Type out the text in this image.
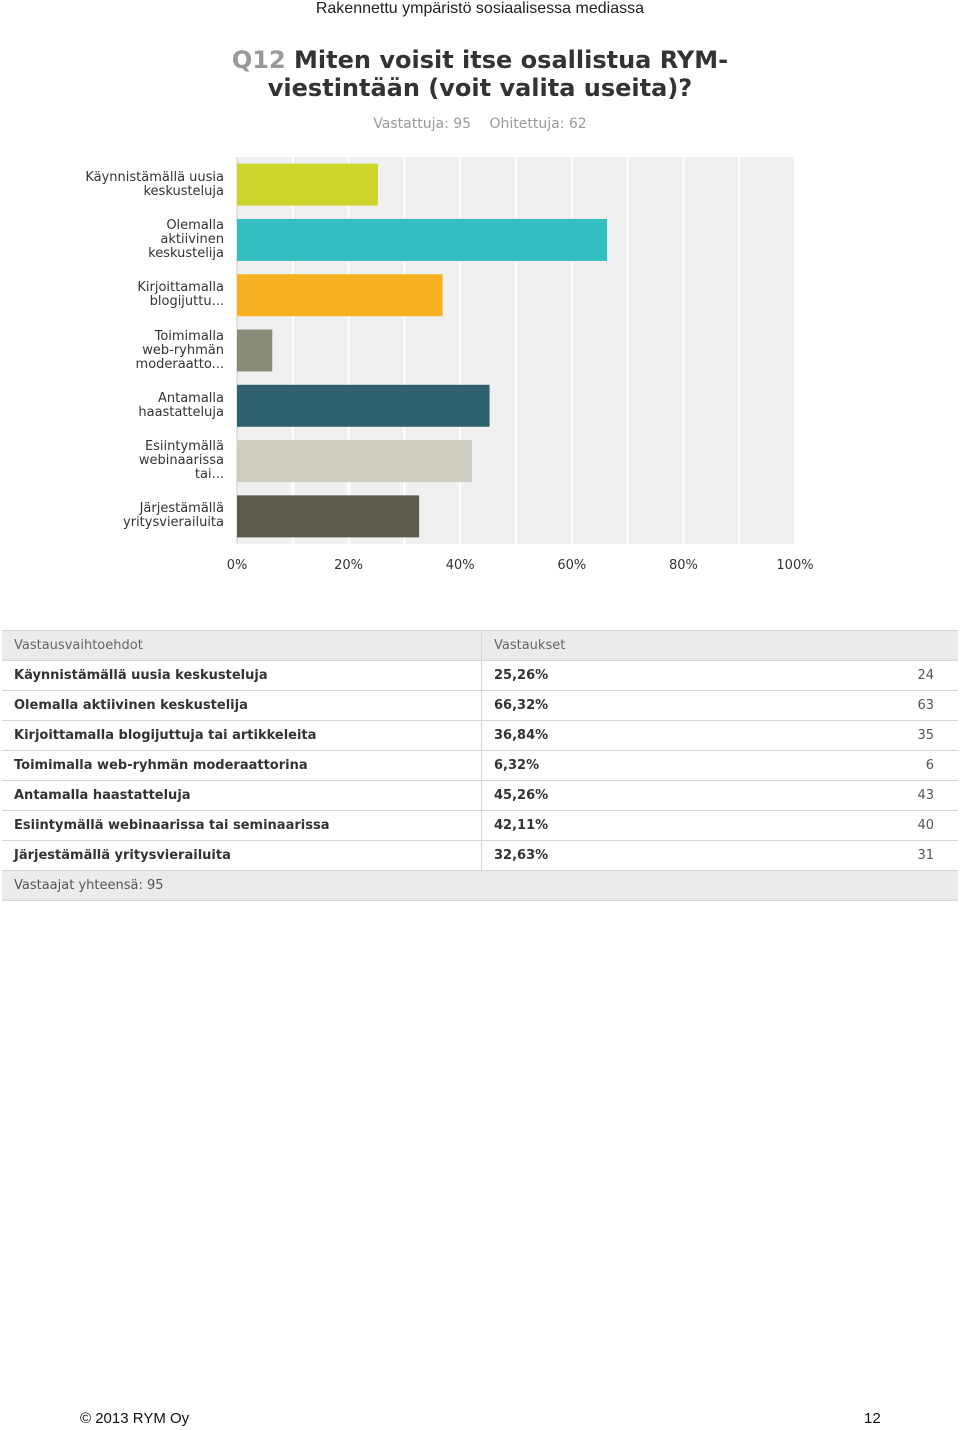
Rakennettu ympäristö sosiaalisessa mediassa
Q12 Miten voisit itse osallistua RYM-
viestintään (voit valita useita)?
Vastattuja: 95 Ohitettuja: 62
Käynnistämällä uusia
keskusteluja
Olemalla
aktiivinen
keskustelija
Kirjoittamalla
blogijuttu...
Toimimalla
web-ryhmän
moderaatto...
Antamalla
haastatteluja
Esiintymällä
webinaarissa
tai...
Järjestämällä
yritysvierailuita
0%	20%	40%	60%	80%	100%
Vastausvaihtoehdot	Vastaukset	
Käynnistämällä uusia keskusteluja	25,26%	24
Olemalla aktiivinen keskustelija	66,32%	63
Kirjoittamalla blogijuttuja tai artikkeleita	36,84%	35
Toimimalla web-ryhmän moderaattorina	6,32%	6
Antamalla haastatteluja	45,26%	43
Esiintymällä webinaarissa tai seminaarissa	42,11%	40
Järjestämällä yritysvierailuita	32,63%	31
Vastaajat yhteensä: 95		
© 2013 RYM Oy	12
